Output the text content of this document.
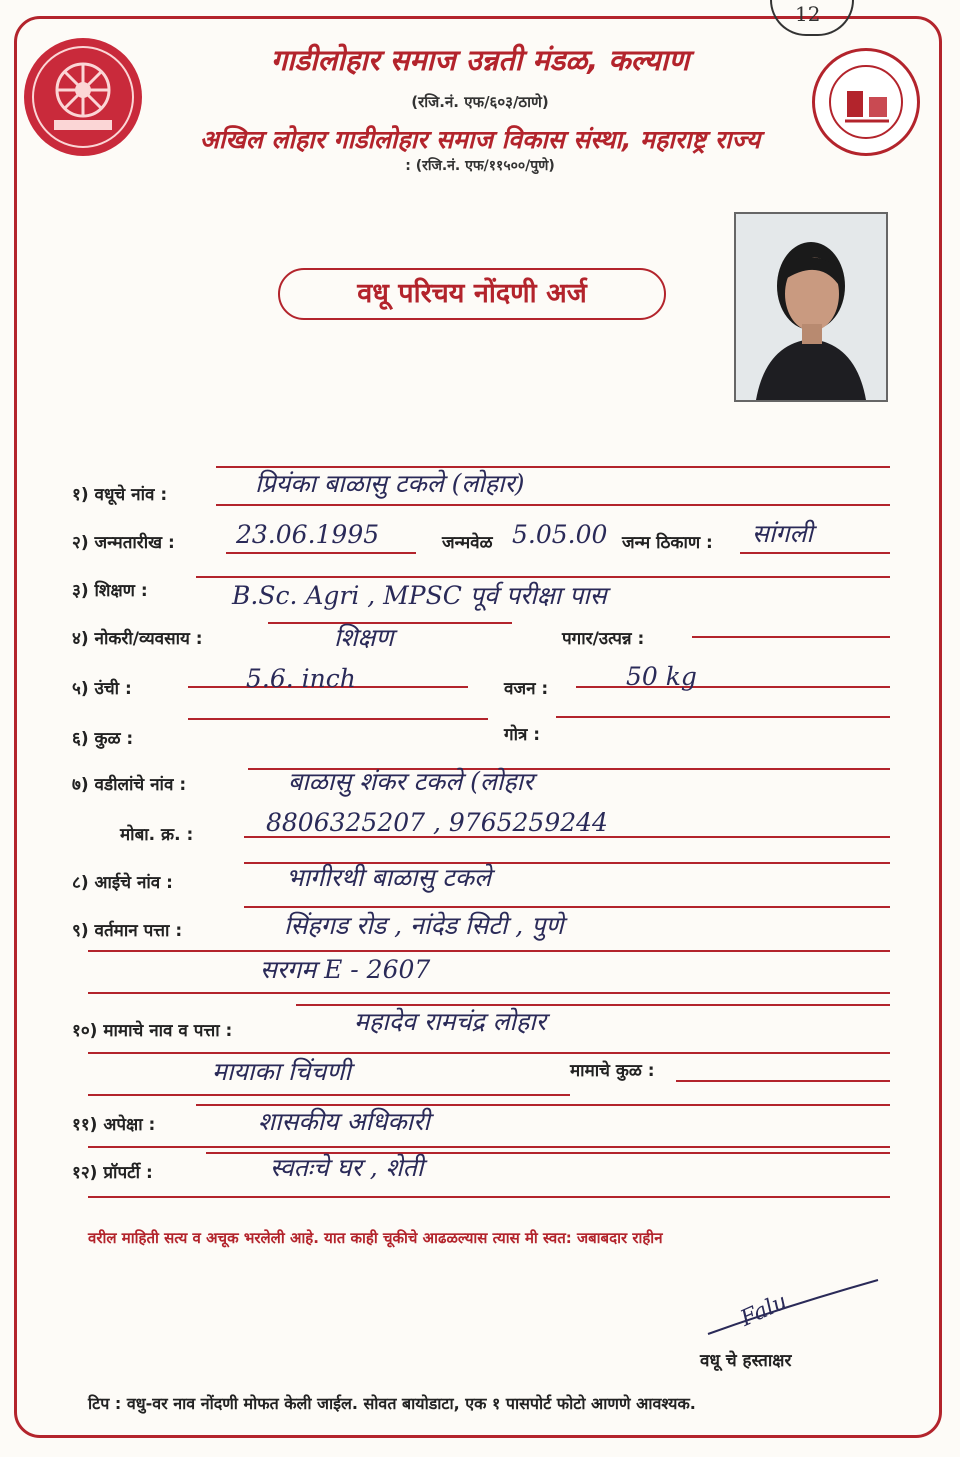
12
गाडीलोहार समाज उन्नती मंडळ, कल्याण
(रजि.नं. एफ/६०३/ठाणे)
अखिल लोहार गाडीलोहार समाज विकास संस्था, महाराष्ट्र राज्य
: (रजि.नं. एफ/११५००/पुणे)
वधू परिचय नोंदणी अर्ज
१) वधूचे नांव :	प्रियंका बाळासु टकले (लोहार)
२) जन्मतारीख : 23.06.1995	जन्मवेळ 5.05.00 जन्म ठिकाण : सांगली
३) शिक्षण :	B.Sc. Agri , MPSC पूर्व परीक्षा पास
४) नोकरी/व्यवसाय :	शिक्षण	पगार/उत्पन्न :
५) उंची :	5.6. inch	वजन :	50 kg
६) कुळ :	गोत्र :
७) वडीलांचे नांव :	बाळासु शंकर टकले (लोहार
मोबा. क्र. :	8806325207 , 9765259244
८) आईचे नांव :	भागीरथी बाळासु टकले
९) वर्तमान पत्ता :	सिंहगड रोड , नांदेड सिटी , पुणे
सरगम E - 2607
१०) मामाचे नाव व पत्ता :	महादेव रामचंद्र लोहार
मायाका चिंचणी	मामाचे कुळ :
११) अपेक्षा :	शासकीय अधिकारी
१२) प्रॉपर्टी :	स्वतःचे घर , शेती
वरील माहिती सत्य व अचूक भरलेली आहे. यात काही चूकीचे आढळल्यास त्यास मी स्वत: जबाबदार राहीन
Falu
वधू चे हस्ताक्षर
टिप : वधु-वर नाव नोंदणी मोफत केली जाईल. सोवत बायोडाटा, एक १ पासपोर्ट फोटो आणणे आवश्यक.
